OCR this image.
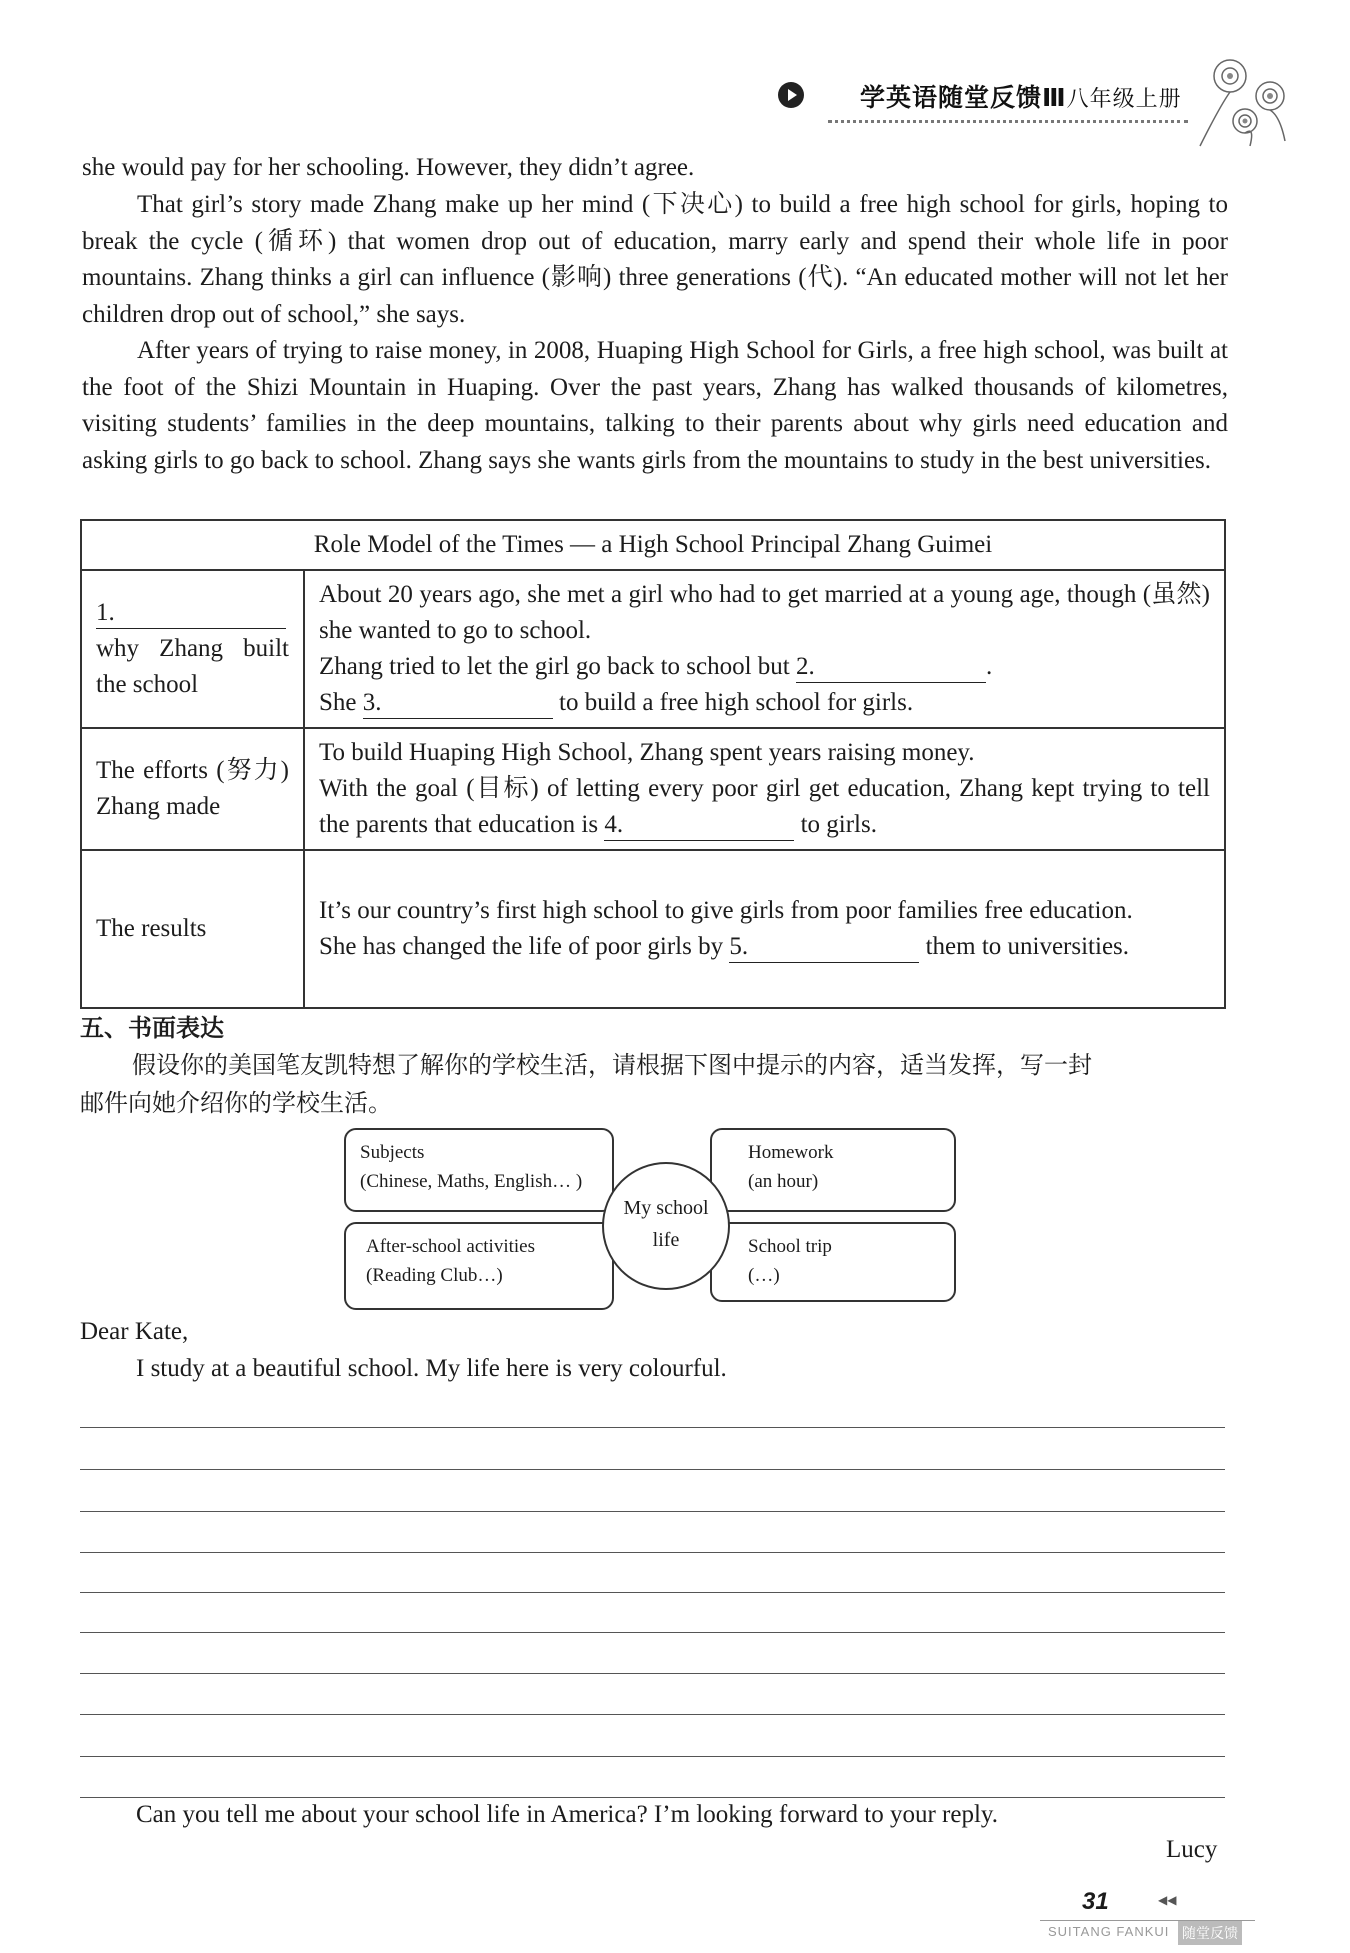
学英语随堂反馈Ⅲ八年级上册

she would pay for her schooling. However, they didn’t agree.

That girl’s story made Zhang make up her mind (下决心) to build a free high school for girls, hoping to break the cycle (循环) that women drop out of education, marry early and spend their whole life in poor mountains. Zhang thinks a girl can influence (影响) three generations (代). “An educated mother will not let her children drop out of school,” she says.

After years of trying to raise money, in 2008, Huaping High School for Girls, a free high school, was built at the foot of the Shizi Mountain in Huaping. Over the past years, Zhang has walked thousands of kilometres, visiting students’ families in the deep mountains, talking to their parents about why girls need education and asking girls to go back to school. Zhang says she wants girls from the mountains to study in the best universities.

Role Model of the Times — a High School Principal Zhang Guimei	
1.
why Zhang built the school	About 20 years ago, she met a girl who had to get married at a young age, though (虽然) she wanted to go to school.
Zhang tried to let the girl go back to school but 2. .
She 3. to build a free high school for girls.
The efforts (努力) Zhang made	To build Huaping High School, Zhang spent years raising money.
With the goal (目标) of letting every poor girl get education, Zhang kept trying to tell the parents that education is 4. to girls.
The results	It’s our country’s first high school to give girls from poor families free education.
She has changed the life of poor girls by 5. them to universities.
五、书面表达
假设你的美国笔友凯特想了解你的学校生活，请根据下图中提示的内容，适当发挥，写一封
邮件向她介绍你的学校生活。
Subjects
(Chinese, Maths, English… )
After-school activities
(Reading Club…)
Homework
(an hour)
School trip
(…)
My school
life
Dear Kate,
I study at a beautiful school. My life here is very colourful.
Can you tell me about your school life in America? I’m looking forward to your reply.
Lucy
31	◀◀
SUITANG FANKUI 随堂反馈
